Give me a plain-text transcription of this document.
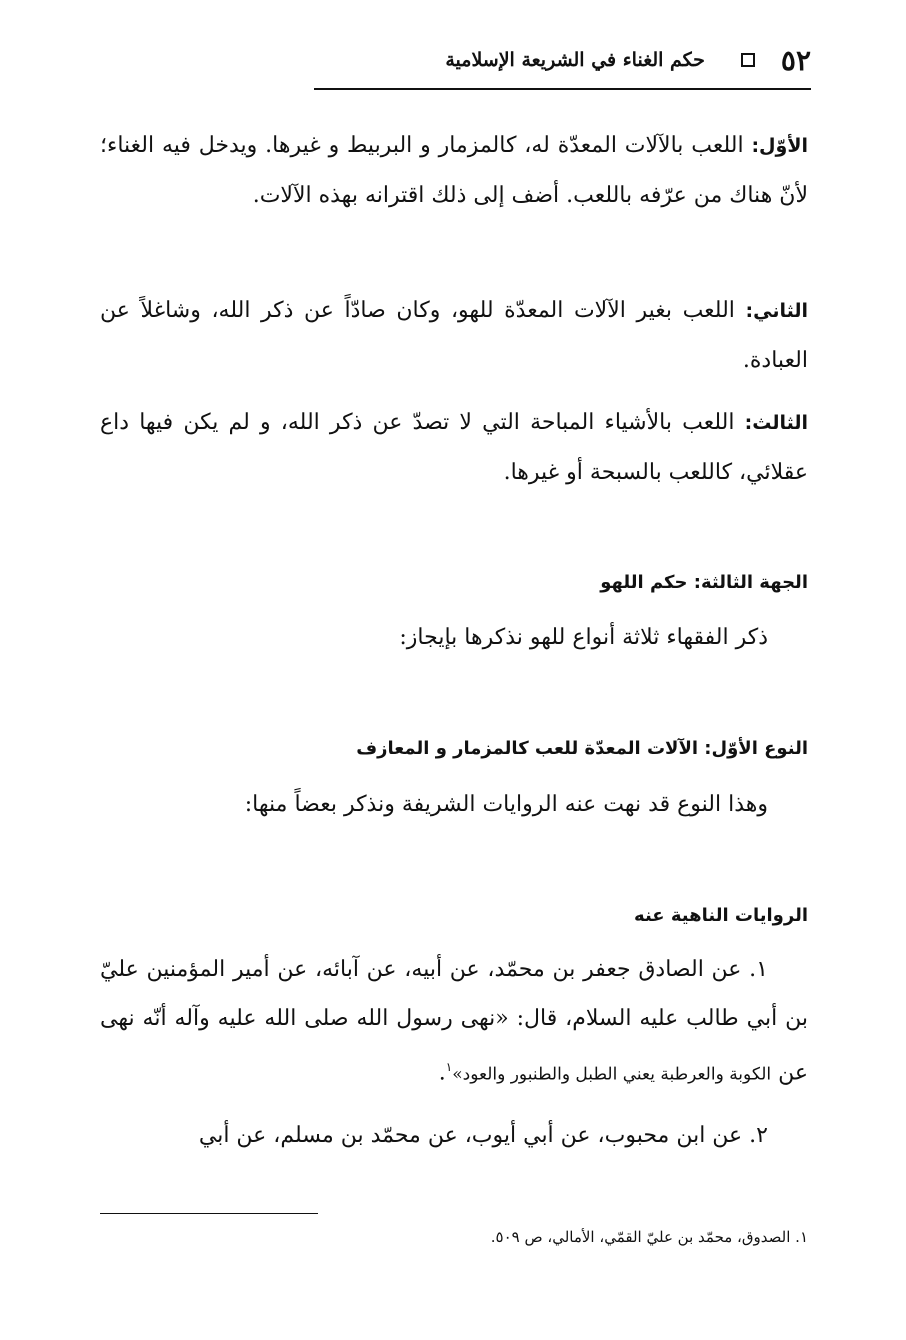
٥٢
حكم الغناء في الشريعة الإسلامية

الأوّل: اللعب بالآلات المعدّة له، كالمزمار و البربيط و غيرها. ويدخل فيه الغناء؛ لأنّ هناك من عرّفه باللعب. أضف إلى ذلك اقترانه بهذه الآلات.

الثاني: اللعب بغير الآلات المعدّة للهو، وكان صادّاً عن ذكر الله، وشاغلاً عن العبادة.

الثالث: اللعب بالأشياء المباحة التي لا تصدّ عن ذكر الله، و لم يكن فيها داع عقلائي، كاللعب بالسبحة أو غيرها.

الجهة الثالثة: حكم اللهو

ذكر الفقهاء ثلاثة أنواع للهو نذكرها بإيجاز:

النوع الأوّل: الآلات المعدّة للعب كالمزمار و المعازف

وهذا النوع قد نهت عنه الروايات الشريفة ونذكر بعضاً منها:

الروايات الناهية عنه

١. عن الصادق جعفر بن محمّد، عن أبيه، عن آبائه، عن أمير المؤمنين عليّ بن أبي طالب عليه السلام، قال: «نهى رسول الله صلى الله عليه وآله أنّه نهى عن الكوبة والعرطبة يعني الطبل والطنبور والعود»$^١$.

٢. عن ابن محبوب، عن أبي أيوب، عن محمّد بن مسلم، عن أبي

١. الصدوق، محمّد بن عليّ القمّي، الأمالي، ص ٥٠٩.
